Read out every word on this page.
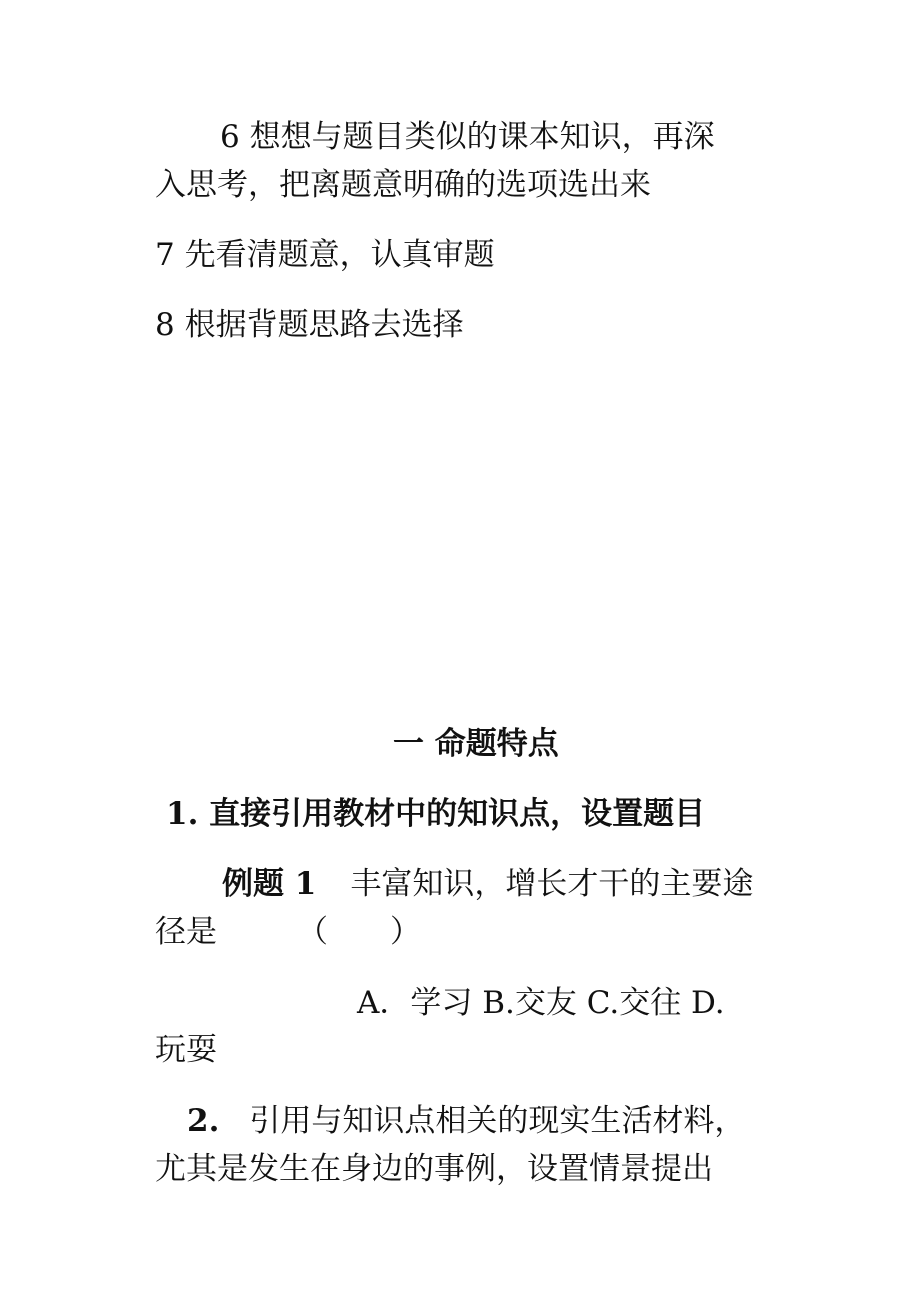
6 想想与题目类似的课本知识，再深
入思考，把离题意明确的选项选出来
7 先看清题意，认真审题
8 根据背题思路去选择
一 命题特点
1. 直接引用教材中的知识点，设置题目
例题 1 丰富知识，增长才干的主要途
径是	（　　）
A．学习 B.交友 C.交往 D.
玩耍
2. 引用与知识点相关的现实生活材料，
尤其是发生在身边的事例，设置情景提出
